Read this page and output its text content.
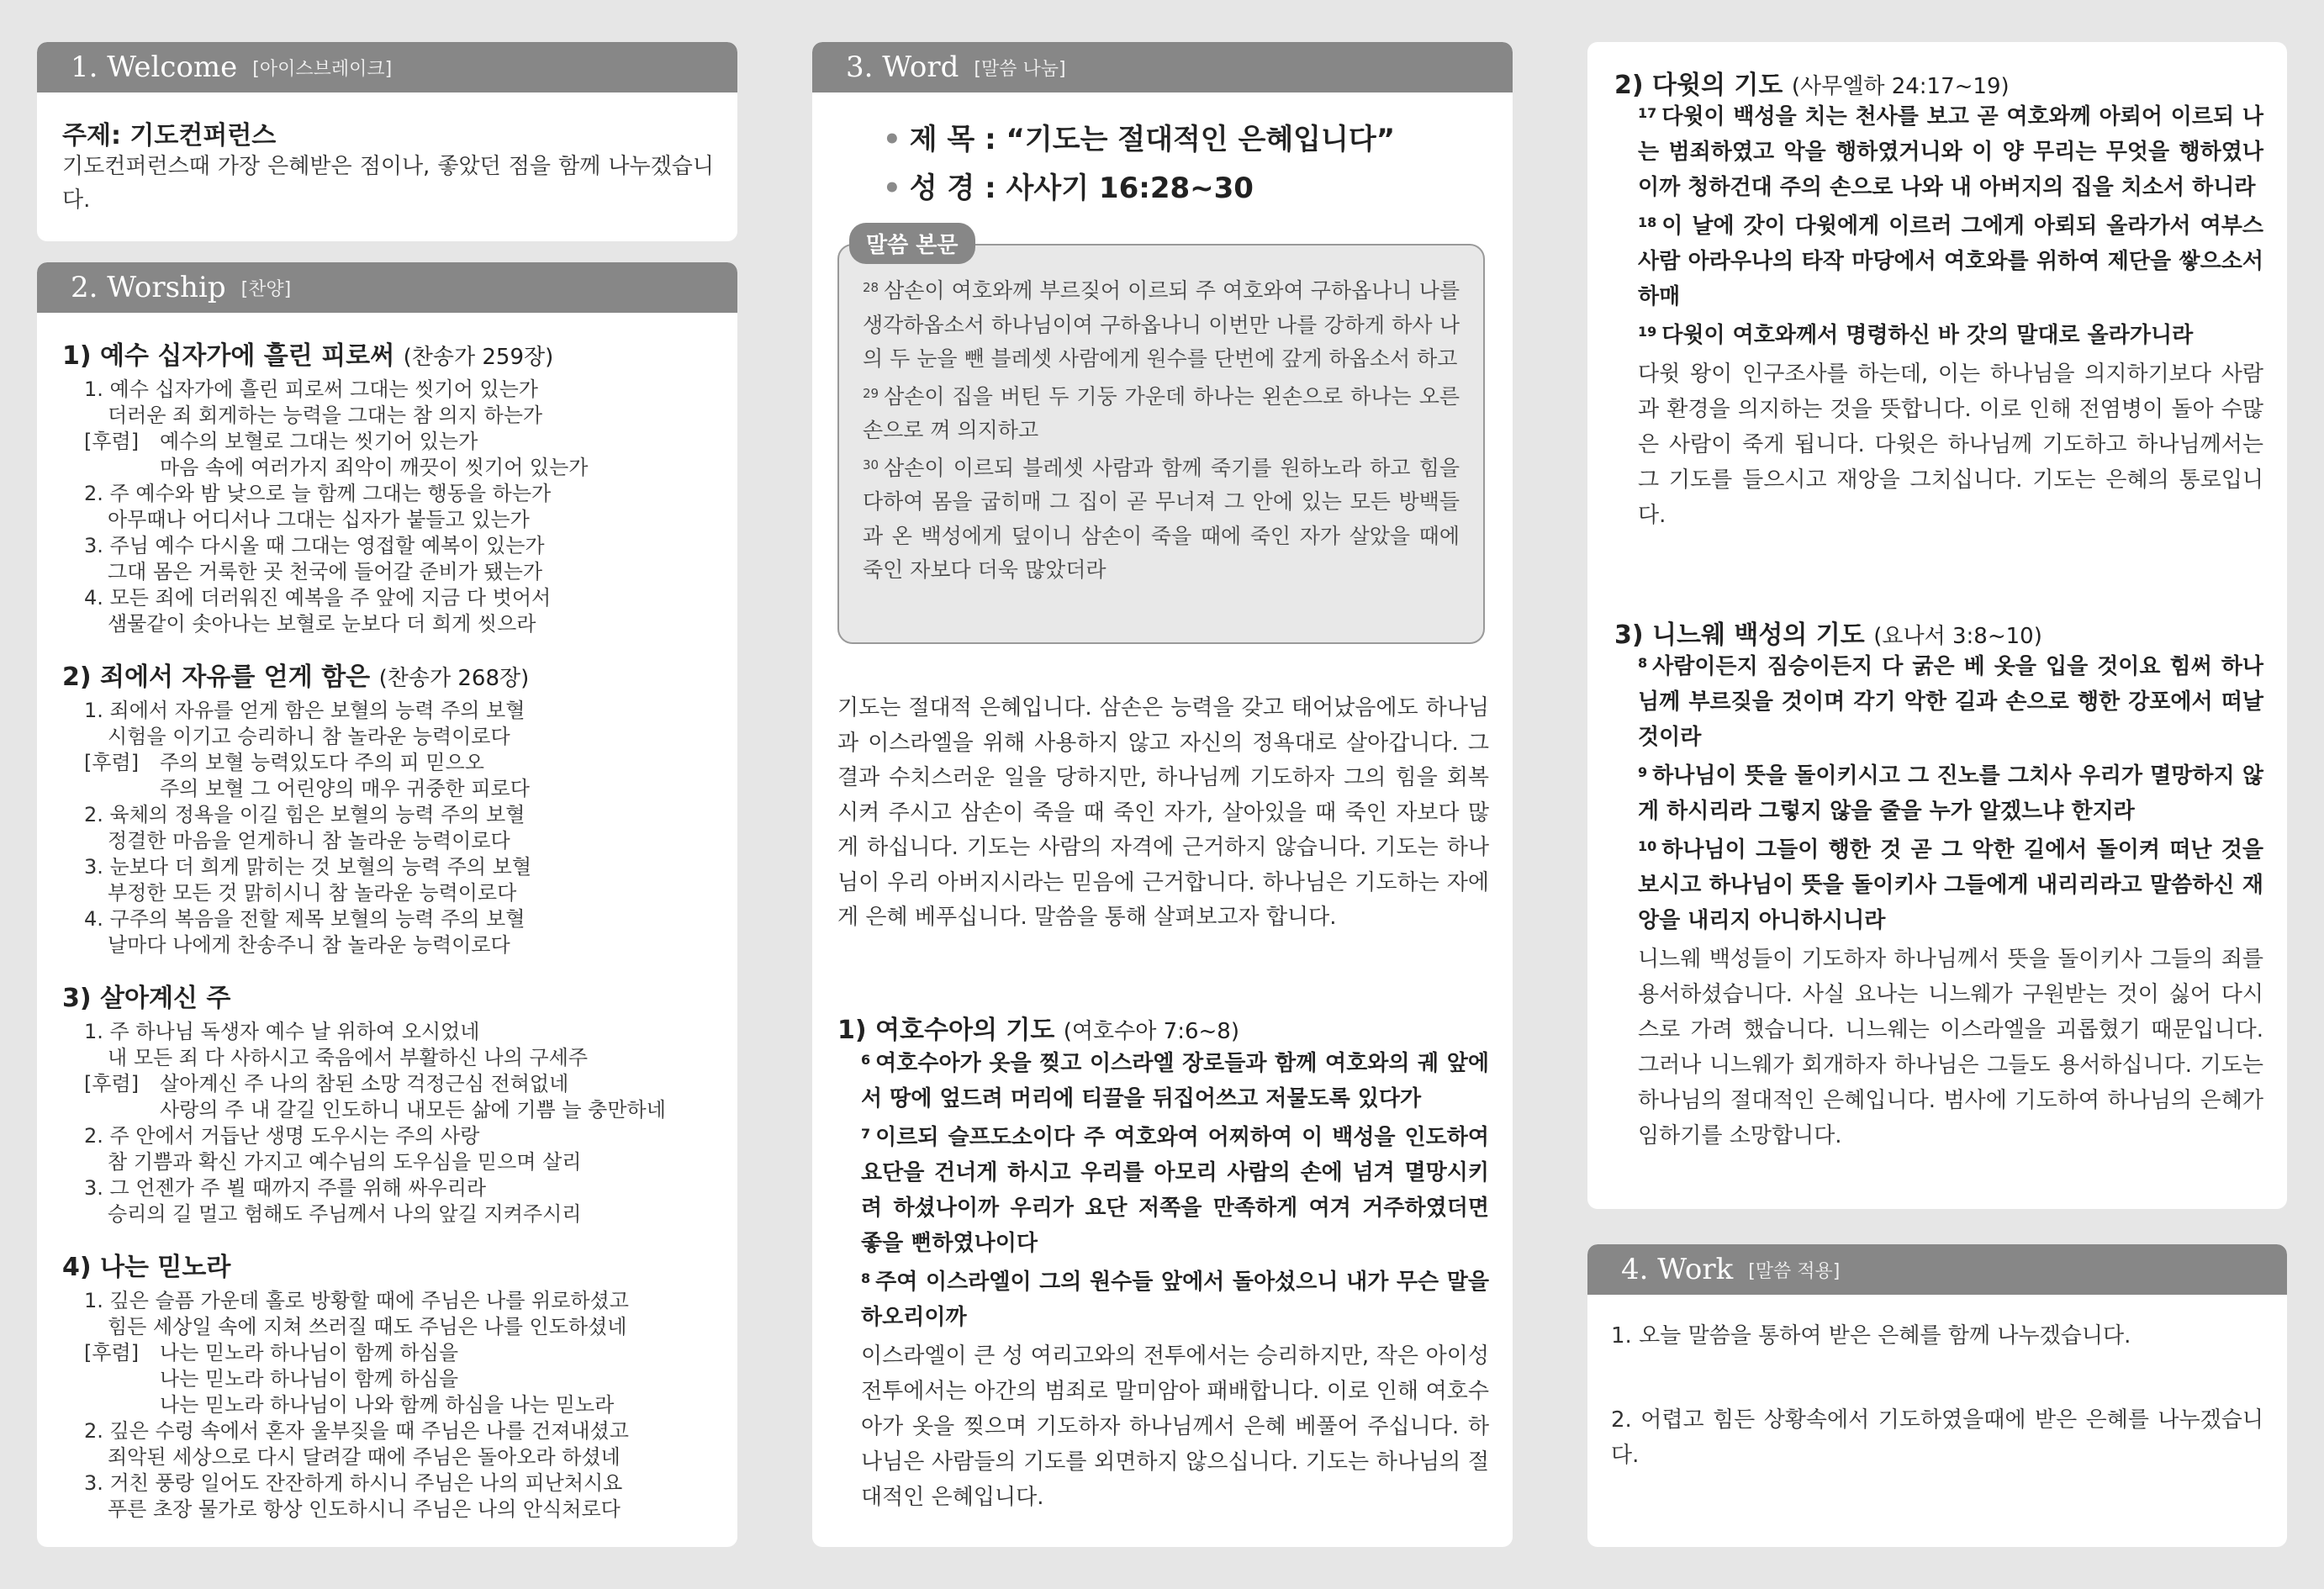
1. Welcome [아이스브레이크]
주제: 기도컨퍼런스
기도컨퍼런스때 가장 은혜받은 점이나, 좋았던 점을 함께 나누겠습니다.
2. Worship [찬양]
1) 예수 십자가에 흘린 피로써 (찬송가 259장)
1. 예수 십자가에 흘린 피로써 그대는 씻기어 있는가
더러운 죄 회게하는 능력을 그대는 참 의지 하는가
[후렴] 예수의 보혈로 그대는 씻기어 있는가
마음 속에 여러가지 죄악이 깨끗이 씻기어 있는가
2. 주 예수와 밤 낮으로 늘 함께 그대는 행동을 하는가
아무때나 어디서나 그대는 십자가 붙들고 있는가
3. 주님 예수 다시올 때 그대는 영접할 예복이 있는가
그대 몸은 거룩한 곳 천국에 들어갈 준비가 됐는가
4. 모든 죄에 더러워진 예복을 주 앞에 지금 다 벗어서
샘물같이 솟아나는 보혈로 눈보다 더 희게 씻으라
2) 죄에서 자유를 얻게 함은 (찬송가 268장)
1. 죄에서 자유를 얻게 함은 보혈의 능력 주의 보혈
시험을 이기고 승리하니 참 놀라운 능력이로다
[후렴] 주의 보혈 능력있도다 주의 피 믿으오
주의 보혈 그 어린양의 매우 귀중한 피로다
2. 육체의 정욕을 이길 힘은 보혈의 능력 주의 보혈
정결한 마음을 얻게하니 참 놀라운 능력이로다
3. 눈보다 더 희게 맑히는 것 보혈의 능력 주의 보혈
부정한 모든 것 맑히시니 참 놀라운 능력이로다
4. 구주의 복음을 전할 제목 보혈의 능력 주의 보혈
날마다 나에게 찬송주니 참 놀라운 능력이로다
3) 살아계신 주
1. 주 하나님 독생자 예수 날 위하여 오시었네
내 모든 죄 다 사하시고 죽음에서 부활하신 나의 구세주
[후렴] 살아계신 주 나의 참된 소망 걱정근심 전혀없네
사랑의 주 내 갈길 인도하니 내모든 삶에 기쁨 늘 충만하네
2. 주 안에서 거듭난 생명 도우시는 주의 사랑
참 기쁨과 확신 가지고 예수님의 도우심을 믿으며 살리
3. 그 언젠가 주 뵐 때까지 주를 위해 싸우리라
승리의 길 멀고 험해도 주님께서 나의 앞길 지켜주시리
4) 나는 믿노라
1. 깊은 슬픔 가운데 홀로 방황할 때에 주님은 나를 위로하셨고
힘든 세상일 속에 지쳐 쓰러질 때도 주님은 나를 인도하셨네
[후렴] 나는 믿노라 하나님이 함께 하심을
나는 믿노라 하나님이 함께 하심을
나는 믿노라 하나님이 나와 함께 하심을 나는 믿노라
2. 깊은 수렁 속에서 혼자 울부짖을 때 주님은 나를 건져내셨고
죄악된 세상으로 다시 달려갈 때에 주님은 돌아오라 하셨네
3. 거친 풍랑 일어도 잔잔하게 하시니 주님은 나의 피난처시요
푸른 초장 물가로 항상 인도하시니 주님은 나의 안식처로다
3. Word [말씀 나눔]
• 제 목 : “기도는 절대적인 은혜입니다”
• 성 경 : 사사기 16:28~30
$^{28}$ 삼손이 여호와께 부르짖어 이르되 주 여호와여 구하옵나니 나를 생각하옵소서 하나님이여 구하옵나니 이번만 나를 강하게 하사 나의 두 눈을 뺀 블레셋 사람에게 원수를 단번에 갚게 하옵소서 하고
$^{29}$ 삼손이 집을 버틴 두 기둥 가운데 하나는 왼손으로 하나는 오른손으로 껴 의지하고
$^{30}$ 삼손이 이르되 블레셋 사람과 함께 죽기를 원하노라 하고 힘을 다하여 몸을 굽히매 그 집이 곧 무너져 그 안에 있는 모든 방백들과 온 백성에게 덮이니 삼손이 죽을 때에 죽인 자가 살았을 때에 죽인 자보다 더욱 많았더라
말씀 본문
기도는 절대적 은혜입니다. 삼손은 능력을 갖고 태어났음에도 하나님과 이스라엘을 위해 사용하지 않고 자신의 정욕대로 살아갑니다. 그 결과 수치스러운 일을 당하지만, 하나님께 기도하자 그의 힘을 회복시켜 주시고 삼손이 죽을 때 죽인 자가, 살아있을 때 죽인 자보다 많게 하십니다. 기도는 사람의 자격에 근거하지 않습니다. 기도는 하나님이 우리 아버지시라는 믿음에 근거합니다. 하나님은 기도하는 자에게 은혜 베푸십니다. 말씀을 통해 살펴보고자 합니다.
1) 여호수아의 기도 (여호수아 7:6~8)
$^6$ 여호수아가 옷을 찢고 이스라엘 장로들과 함께 여호와의 궤 앞에서 땅에 엎드려 머리에 티끌을 뒤집어쓰고 저물도록 있다가
$^7$ 이르되 슬프도소이다 주 여호와여 어찌하여 이 백성을 인도하여 요단을 건너게 하시고 우리를 아모리 사람의 손에 넘겨 멸망시키려 하셨나이까 우리가 요단 저쪽을 만족하게 여겨 거주하였더면 좋을 뻔하였나이다
$^8$ 주여 이스라엘이 그의 원수들 앞에서 돌아섰으니 내가 무슨 말을 하오리이까
이스라엘이 큰 성 여리고와의 전투에서는 승리하지만, 작은 아이성 전투에서는 아간의 범죄로 말미암아 패배합니다. 이로 인해 여호수아가 옷을 찢으며 기도하자 하나님께서 은혜 베풀어 주십니다. 하나님은 사람들의 기도를 외면하지 않으십니다. 기도는 하나님의 절대적인 은혜입니다.
2) 다윗의 기도 (사무엘하 24:17~19)
$^{17}$ 다윗이 백성을 치는 천사를 보고 곧 여호와께 아뢰어 이르되 나는 범죄하였고 악을 행하였거니와 이 양 무리는 무엇을 행하였나이까 청하건대 주의 손으로 나와 내 아버지의 집을 치소서 하니라
$^{18}$ 이 날에 갓이 다윗에게 이르러 그에게 아뢰되 올라가서 여부스 사람 아라우나의 타작 마당에서 여호와를 위하여 제단을 쌓으소서 하매
$^{19}$ 다윗이 여호와께서 명령하신 바 갓의 말대로 올라가니라
다윗 왕이 인구조사를 하는데, 이는 하나님을 의지하기보다 사람과 환경을 의지하는 것을 뜻합니다. 이로 인해 전염병이 돌아 수많은 사람이 죽게 됩니다. 다윗은 하나님께 기도하고 하나님께서는 그 기도를 들으시고 재앙을 그치십니다. 기도는 은혜의 통로입니다.
3) 니느웨 백성의 기도 (요나서 3:8~10)
$^8$ 사람이든지 짐승이든지 다 굵은 베 옷을 입을 것이요 힘써 하나님께 부르짖을 것이며 각기 악한 길과 손으로 행한 강포에서 떠날 것이라
$^9$ 하나님이 뜻을 돌이키시고 그 진노를 그치사 우리가 멸망하지 않게 하시리라 그렇지 않을 줄을 누가 알겠느냐 한지라
$^{10}$ 하나님이 그들이 행한 것 곧 그 악한 길에서 돌이켜 떠난 것을 보시고 하나님이 뜻을 돌이키사 그들에게 내리리라고 말씀하신 재앙을 내리지 아니하시니라
니느웨 백성들이 기도하자 하나님께서 뜻을 돌이키사 그들의 죄를 용서하셨습니다. 사실 요나는 니느웨가 구원받는 것이 싫어 다시스로 가려 했습니다. 니느웨는 이스라엘을 괴롭혔기 때문입니다. 그러나 니느웨가 회개하자 하나님은 그들도 용서하십니다. 기도는 하나님의 절대적인 은혜입니다. 범사에 기도하여 하나님의 은혜가 임하기를 소망합니다.
4. Work [말씀 적용]
1. 오늘 말씀을 통하여 받은 은혜를 함께 나누겠습니다.
2. 어렵고 힘든 상황속에서 기도하였을때에 받은 은혜를 나누겠습니다.
